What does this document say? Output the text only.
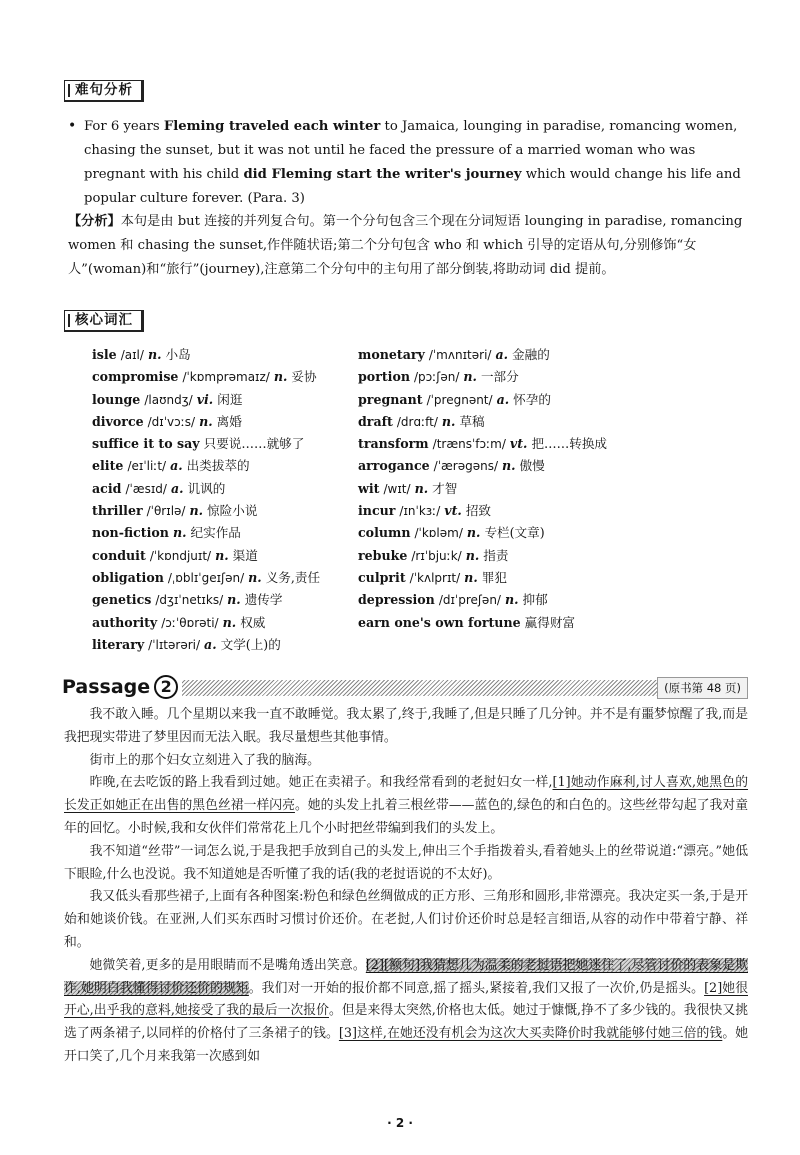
难句分析
• For 6 years Fleming traveled each winter to Jamaica, lounging in paradise, romancing women, chasing the sunset, but it was not until he faced the pressure of a married woman who was pregnant with his child did Fleming start the writer's journey which would change his life and popular culture forever. (Para. 3)
【分析】本句是由 but 连接的并列复合句。第一个分句包含三个现在分词短语 lounging in paradise, romancing women 和 chasing the sunset,作伴随状语;第二个分句包含 who 和 which 引导的定语从句,分别修饰“女人”(woman)和“旅行”(journey),注意第二个分句中的主句用了部分倒装,将助动词 did 提前。
核心词汇
isle /aɪl/ n. 小岛
compromise /ˈkɒmprəmaɪz/ n. 妥协
lounge /laʊndʒ/ vi. 闲逛
divorce /dɪˈvɔːs/ n. 离婚
suffice it to say 只要说……就够了
elite /eɪˈliːt/ a. 出类拔萃的
acid /ˈæsɪd/ a. 讥讽的
thriller /ˈθrɪlə/ n. 惊险小说
non-fiction n. 纪实作品
conduit /ˈkɒndjuɪt/ n. 渠道
obligation /ˌɒblɪˈgeɪʃən/ n. 义务,责任
genetics /dʒɪˈnetɪks/ n. 遗传学
authority /ɔːˈθɒrəti/ n. 权威
literary /ˈlɪtərəri/ a. 文学(上)的
monetary /ˈmʌnɪtəri/ a. 金融的
portion /pɔːʃən/ n. 一部分
pregnant /ˈpregnənt/ a. 怀孕的
draft /drɑːft/ n. 草稿
transform /trænsˈfɔːm/ vt. 把……转换成
arrogance /ˈærəgəns/ n. 傲慢
wit /wɪt/ n. 才智
incur /ɪnˈkɜː/ vt. 招致
column /ˈkɒləm/ n. 专栏(文章)
rebuke /rɪˈbjuːk/ n. 指责
culprit /ˈkʌlprɪt/ n. 罪犯
depression /dɪˈpreʃən/ n. 抑郁
earn one's own fortune 赢得财富
Passage 2	(原书第 48 页)

我不敢入睡。几个星期以来我一直不敢睡觉。我太累了,终于,我睡了,但是只睡了几分钟。并不是有噩梦惊醒了我,而是我把现实带进了梦里因而无法入眠。我尽量想些其他事情。

街市上的那个妇女立刻进入了我的脑海。

昨晚,在去吃饭的路上我看到过她。她正在卖裙子。和我经常看到的老挝妇女一样,[1]她动作麻利,讨人喜欢,她黑色的长发正如她正在出售的黑色丝裙一样闪亮。她的头发上扎着三根丝带——蓝色的,绿色的和白色的。这些丝带勾起了我对童年的回忆。小时候,我和女伙伴们常常花上几个小时把丝带编到我们的头发上。

我不知道“丝带”一词怎么说,于是我把手放到自己的头发上,伸出三个手指拨着头,看着她头上的丝带说道:“漂亮。”她低下眼睑,什么也没说。我不知道她是否听懂了我的话(我的老挝语说的不太好)。

我又低头看那些裙子,上面有各种图案:粉色和绿色丝绸做成的正方形、三角形和圆形,非常漂亮。我决定买一条,于是开始和她谈价钱。在亚洲,人们买东西时习惯讨价还价。在老挝,人们讨价还价时总是轻言细语,从容的动作中带着宁静、祥和。

她微笑着,更多的是用眼睛而不是嘴角透出笑意。[2][额句]我猜想几为温柔的老挝语把她迷住了,尽管讨价的表象是欺诈,她明白我懂得讨价还价的规矩。我们对一开始的报价都不同意,摇了摇头,紧接着,我们又报了一次价,仍是摇头。[2]她很开心,出乎我的意料,她接受了我的最后一次报价。但是来得太突然,价格也太低。她过于慷慨,挣不了多少钱的。我很快又挑选了两条裙子,以同样的价格付了三条裙子的钱。[3]这样,在她还没有机会为这次大买卖降价时我就能够付她三倍的钱。她开口笑了,几个月来我第一次感到如

· 2 ·
